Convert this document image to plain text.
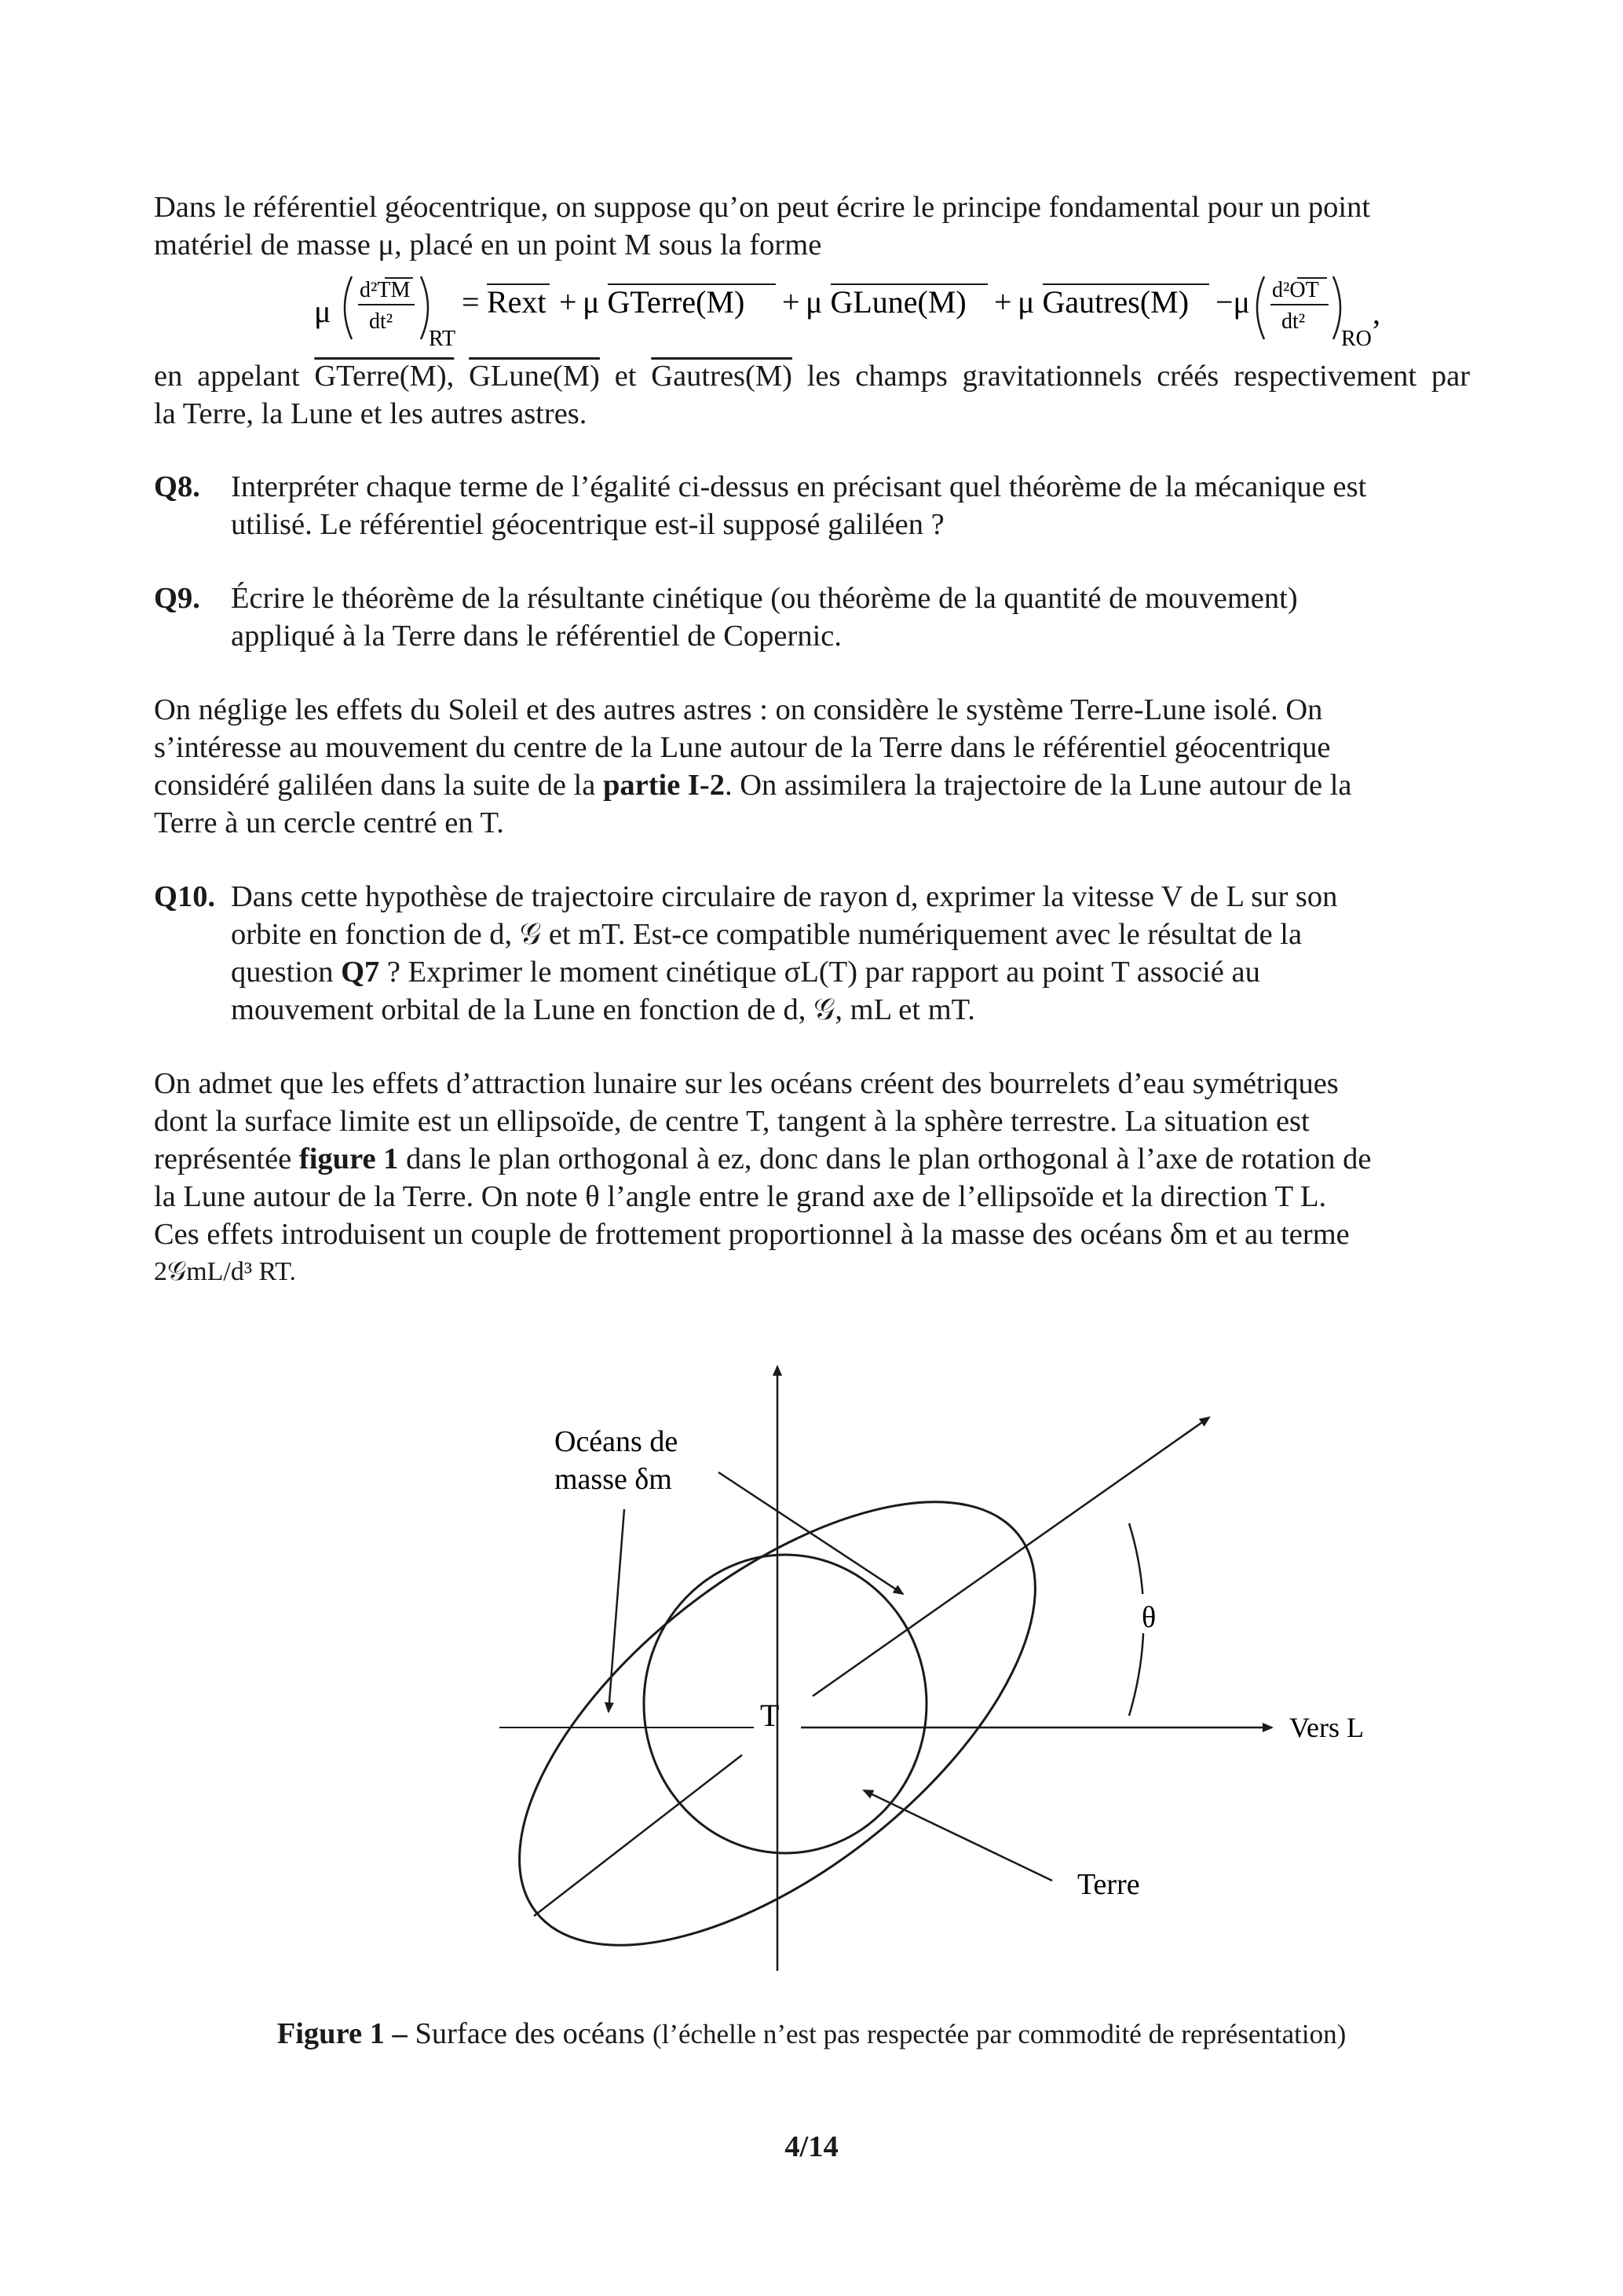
Dans le référentiel géocentrique, on suppose qu’on peut écrire le principe fondamental pour un point
matériel de masse μ, placé en un point M sous la forme
μ
d²TM
dt²
RT
= Rext + μ GTerre(M) + μ GLune(M) + μ Gautres(M) −μ d²OT
dt²
RO
,
en appelant GTerre(M), GLune(M) et Gautres(M) les champs gravitationnels créés respectivement par
la Terre, la Lune et les autres astres.
Q8. Interpréter chaque terme de l’égalité ci-dessus en précisant quel théorème de la mécanique est
utilisé. Le référentiel géocentrique est-il supposé galiléen ?
Q9. Écrire le théorème de la résultante cinétique (ou théorème de la quantité de mouvement)
appliqué à la Terre dans le référentiel de Copernic.
On néglige les effets du Soleil et des autres astres : on considère le système Terre-Lune isolé. On
s’intéresse au mouvement du centre de la Lune autour de la Terre dans le référentiel géocentrique
considéré galiléen dans la suite de la partie I-2. On assimilera la trajectoire de la Lune autour de la
Terre à un cercle centré en T.
Q10. Dans cette hypothèse de trajectoire circulaire de rayon d, exprimer la vitesse V de L sur son
orbite en fonction de d, 𝒢 et mT. Est-ce compatible numériquement avec le résultat de la
question Q7 ? Exprimer le moment cinétique σL(T) par rapport au point T associé au
mouvement orbital de la Lune en fonction de d, 𝒢, mL et mT.
On admet que les effets d’attraction lunaire sur les océans créent des bourrelets d’eau symétriques
dont la surface limite est un ellipsoïde, de centre T, tangent à la sphère terrestre. La situation est
représentée figure 1 dans le plan orthogonal à ez, donc dans le plan orthogonal à l’axe de rotation de
la Lune autour de la Terre. On note θ l’angle entre le grand axe de l’ellipsoïde et la direction T L.
Ces effets introduisent un couple de frottement proportionnel à la masse des océans δm et au terme
2𝒢mL/d³ RT.
Océans de
masse δm
θ
T	Vers L
Terre
Figure 1 – Surface des océans (l’échelle n’est pas respectée par commodité de représentation)
4/14
